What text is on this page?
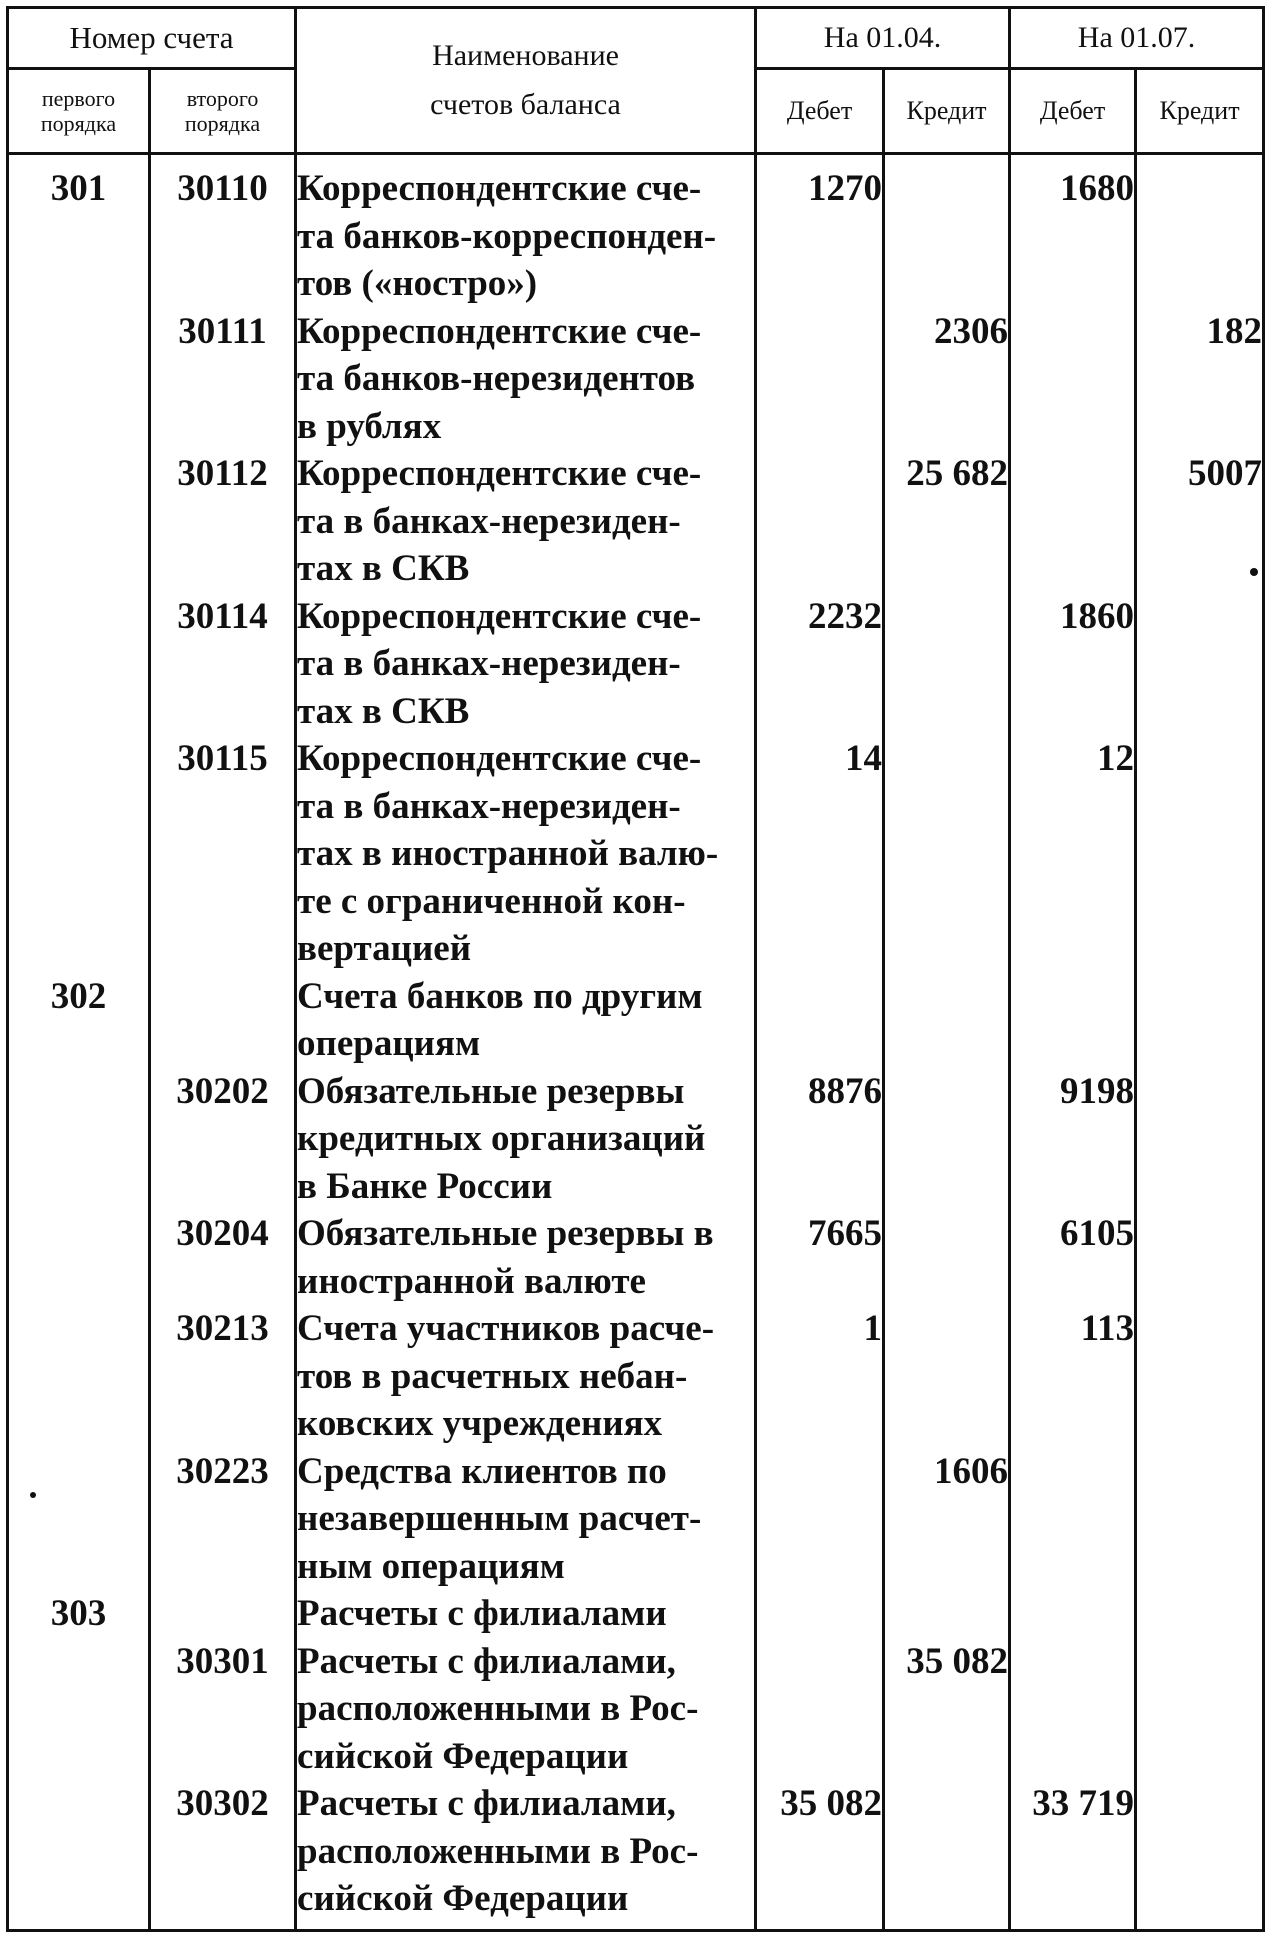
Номер счета		Наименование
счетов баланса	На 01.04.		На 01.07.	

первого
порядка	второго
порядка		Дебет	Кредит	Дебет	Кредит
301	30110	Корреспондентские сче-
та банков-корреспонден-
тов («ностро»)	1270		1680	
	30111	Корреспондентские сче-
та банков-нерезидентов
в рублях		2306		182
	30112	Корреспондентские сче-
та в банках-нерезиден-
тах в СКВ		25 682		5007
	30114	Корреспондентские сче-
та в банках-нерезиден-
тах в СКВ	2232		1860	
	30115	Корреспондентские сче-
та в банках-нерезиден-
тах в иностранной валю-
те с ограниченной кон-
вертацией	14		12	
302		Счета банков по другим
операциям				

	30202	Обязательные резервы
кредитных организаций
в Банке России	8876		9198	
	30204	Обязательные резервы в
иностранной валюте	7665		6105	
	30213	Счета участников расче-
тов в расчетных небан-
ковских учреждениях	1		113	
	30223	Средства клиентов по
незавершенным расчет-
ным операциям		1606		
303		Расчеты с филиалами				

	30301	Расчеты с филиалами,
расположенными в Рос-
сийской Федерации		35 082		
	30302	Расчеты с филиалами,
расположенными в Рос-
сийской Федерации	35 082		33 719	
